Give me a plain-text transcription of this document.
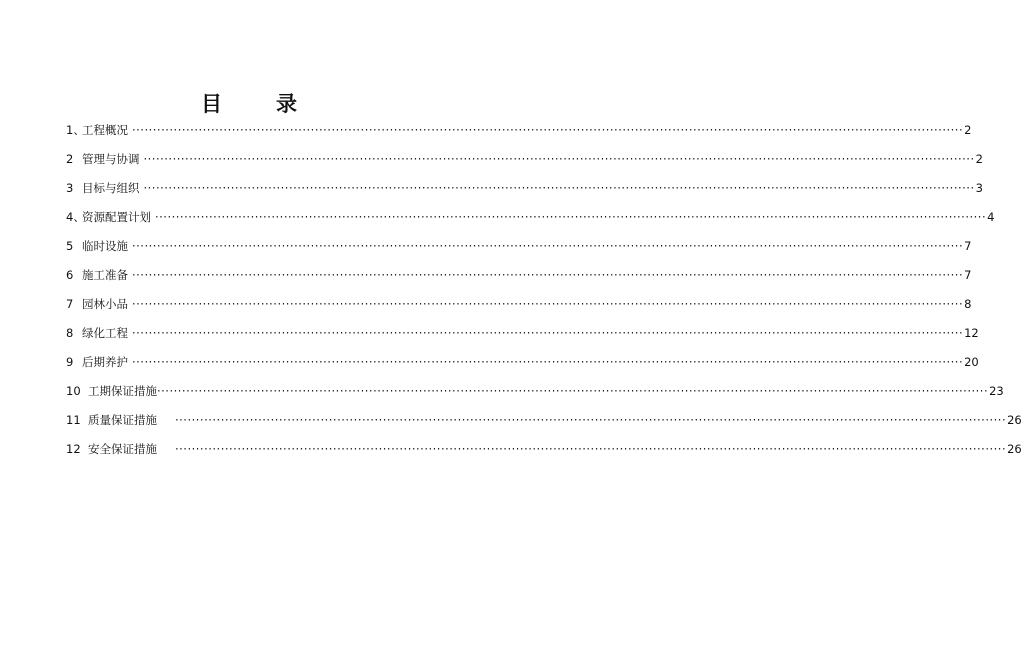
目 录
1、
工程概况 ········································································································································································································ 2
2 管理与协调 ········································································································································································································ 2
3 目标与组织 ········································································································································································································ 3
4、
资源配置计划 ········································································································································································································ 4
5 临时设施 ········································································································································································································ 7
6 施工准备 ········································································································································································································ 7
7 园林小品 ········································································································································································································ 8
8 绿化工程 ········································································································································································································ 12
9 后期养护 ········································································································································································································ 20
10 工期保证措施 ········································································································································································································ 23
11 质量保证措施 ········································································································································································································ 26
12 安全保证措施 ········································································································································································································ 26
